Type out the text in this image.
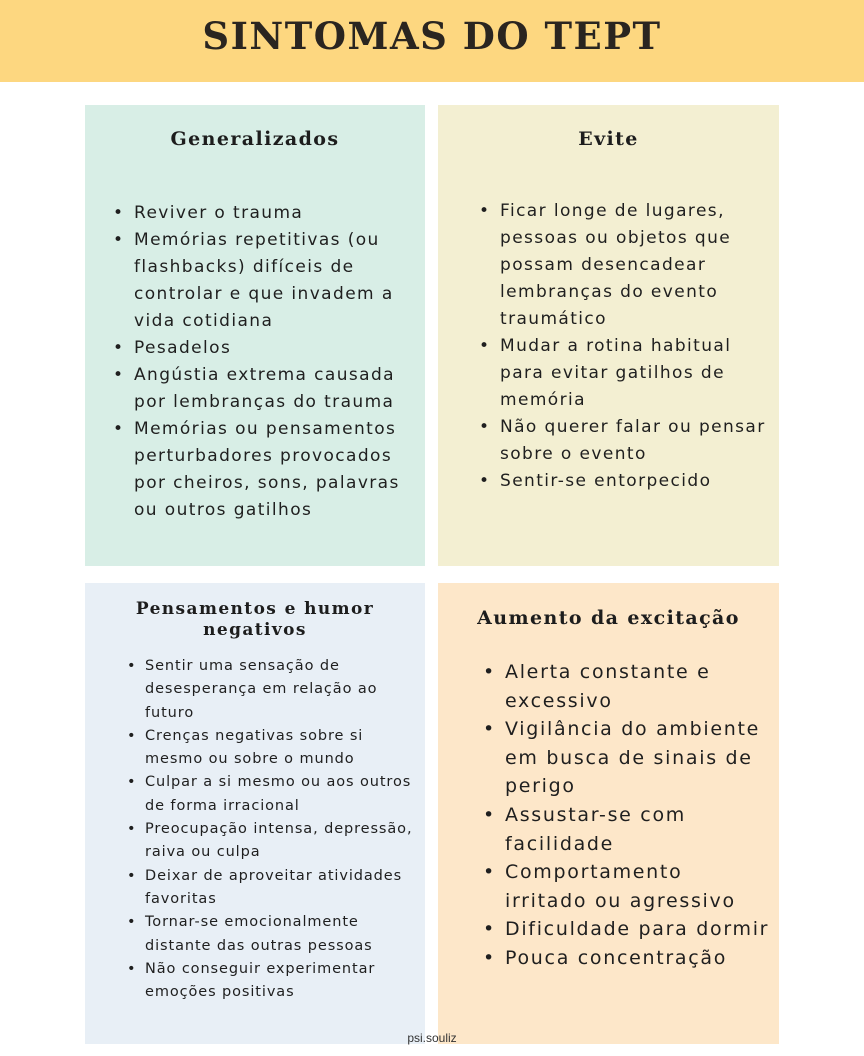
SINTOMAS DO TEPT
Generalizados
• Reviver o trauma
• Memórias repetitivas (ou flashbacks) difíceis de controlar e que invadem a vida cotidiana
• Pesadelos
• Angústia extrema causada por lembranças do trauma
• Memórias ou pensamentos perturbadores provocados por cheiros, sons, palavras ou outros gatilhos
Evite
• Ficar longe de lugares, pessoas ou objetos que possam desencadear lembranças do evento traumático
• Mudar a rotina habitual para evitar gatilhos de memória
• Não querer falar ou pensar sobre o evento
• Sentir-se entorpecido
Pensamentos e humor negativos
• Sentir uma sensação de desesperança em relação ao futuro
• Crenças negativas sobre si mesmo ou sobre o mundo
• Culpar a si mesmo ou aos outros de forma irracional
• Preocupação intensa, depressão, raiva ou culpa
• Deixar de aproveitar atividades favoritas
• Tornar-se emocionalmente distante das outras pessoas
• Não conseguir experimentar emoções positivas
Aumento da excitação
• Alerta constante e excessivo
• Vigilância do ambiente em busca de sinais de perigo
• Assustar-se com facilidade
• Comportamento irritado ou agressivo
• Dificuldade para dormir
• Pouca concentração
psi.souliz
